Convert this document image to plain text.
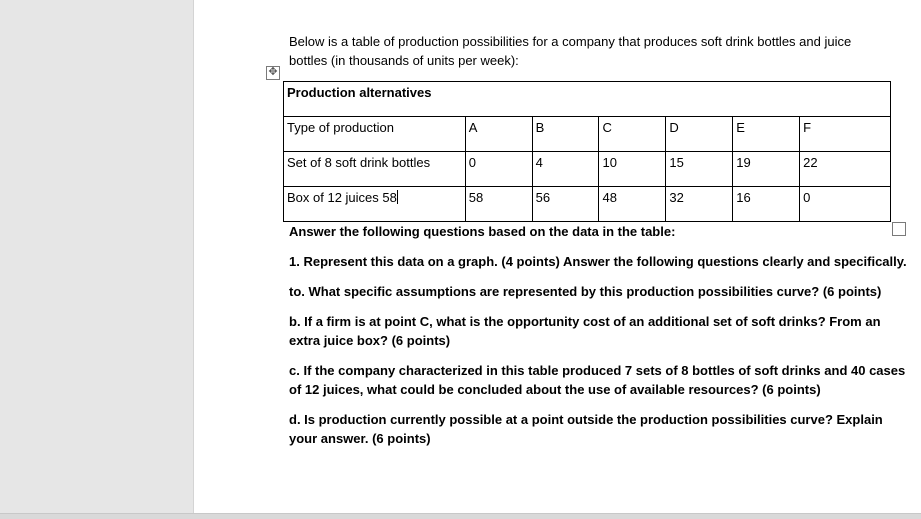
Below is a table of production possibilities for a company that produces soft drink bottles and juice bottles (in thousands of units per week):
✥
Production alternatives						
Type of production	A	B	C	D	E	F
Set of 8 soft drink bottles	0	4	10	15	19	22
Box of 12 juices 58	58	56	48	32	16	0

Answer the following questions based on the data in the table:

1. Represent this data on a graph. (4 points) Answer the following questions clearly and specifically.

to. What specific assumptions are represented by this production possibilities curve? (6 points)

b. If a firm is at point C, what is the opportunity cost of an additional set of soft drinks? From an extra juice box? (6 points)

c. If the company characterized in this table produced 7 sets of 8 bottles of soft drinks and 40 cases of 12 juices, what could be concluded about the use of available resources? (6 points)

d. Is production currently possible at a point outside the production possibilities curve? Explain your answer. (6 points)
